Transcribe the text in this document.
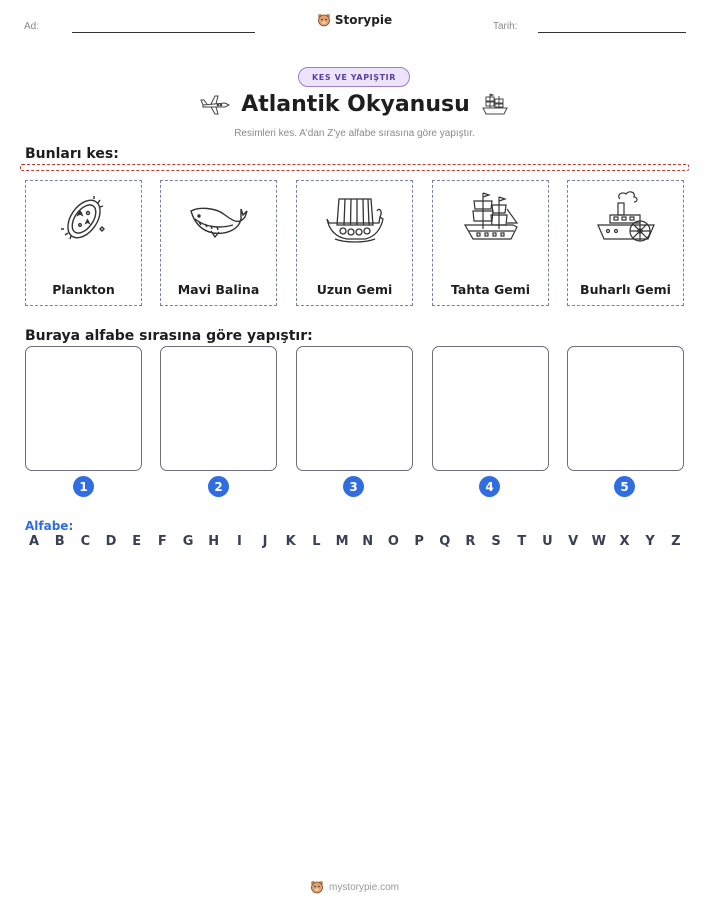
Ad:	Storypie	Tarih:
KES VE YAPIŞTIR
Atlantik Okyanusu
Resimleri kes. A'dan Z'ye alfabe sırasına göre yapıştır.
Bunları kes:
Plankton	Mavi Balina	Uzun Gemi	Tahta Gemi	Buharlı Gemi
Buraya alfabe sırasına göre yapıştır:
1	2	3	4	5
Alfabe:
A B C D E F G H	I	J	K L M N O P Q R S T U V W X Y Z
mystorypie.com
